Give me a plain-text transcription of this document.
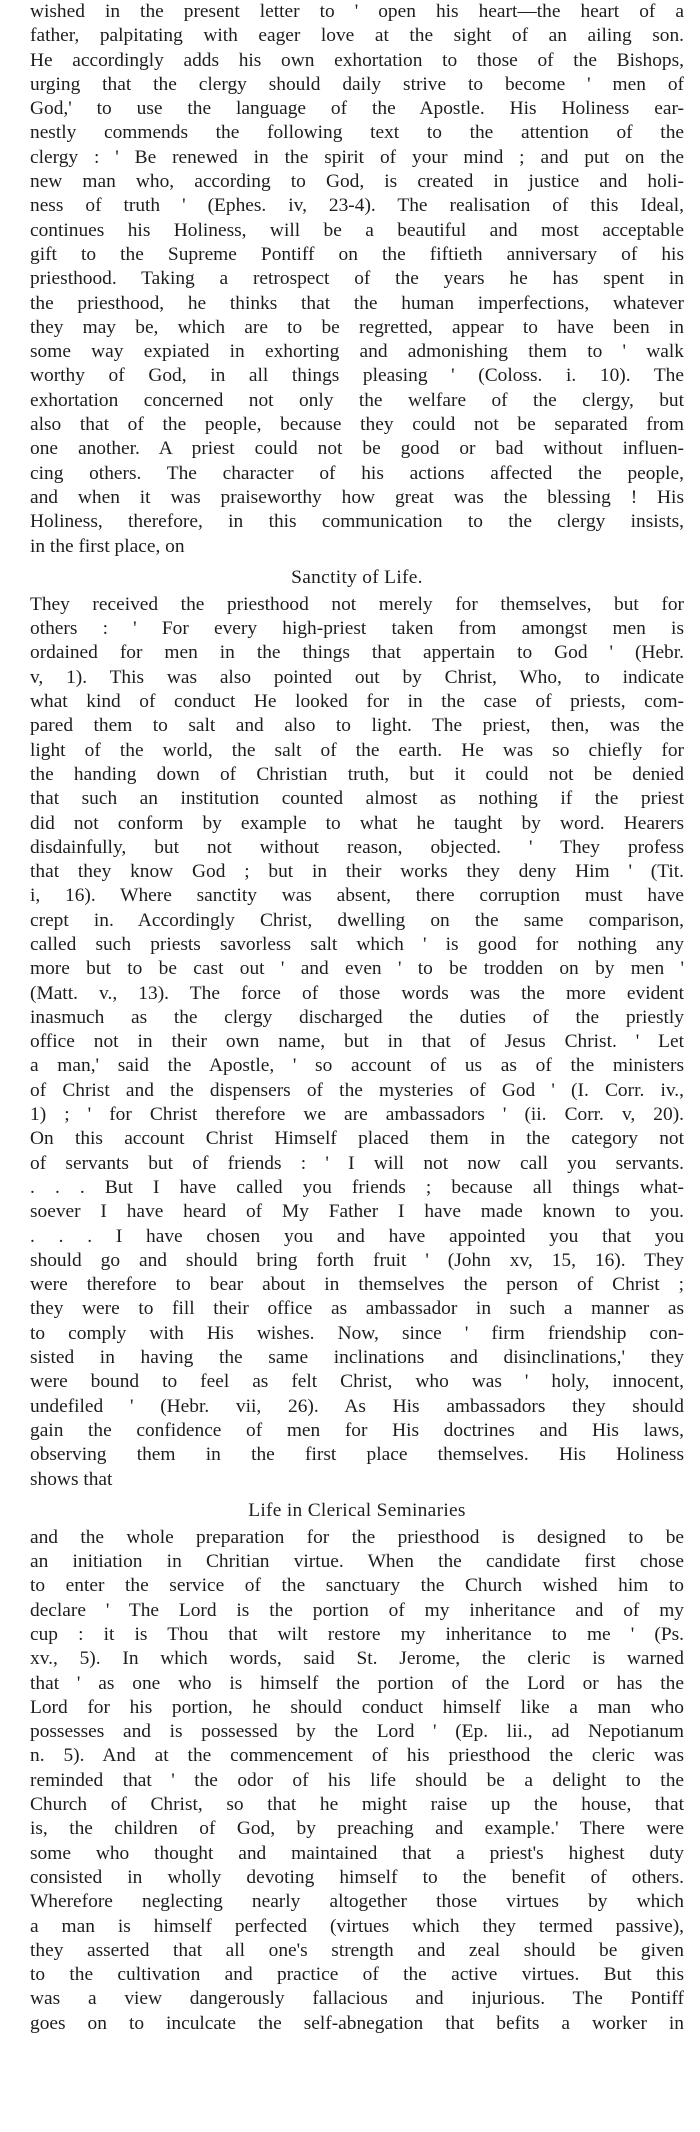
wished in the present letter to ' open his heart—the heart of a
father, palpitating with eager love at the sight of an ailing son.
He accordingly adds his own exhortation to those of the Bishops,
urging that the clergy should daily strive to become ' men of
God,' to use the language of the Apostle. His Holiness ear-
nestly commends the following text to the attention of the
clergy : ' Be renewed in the spirit of your mind ; and put on the
new man who, according to God, is created in justice and holi-
ness of truth ' (Ephes. iv, 23-4). The realisation of this Ideal,
continues his Holiness, will be a beautiful and most acceptable
gift to the Supreme Pontiff on the fiftieth anniversary of his
priesthood. Taking a retrospect of the years he has spent in
the priesthood, he thinks that the human imperfections, whatever
they may be, which are to be regretted, appear to have been in
some way expiated in exhorting and admonishing them to ' walk
worthy of God, in all things pleasing ' (Coloss. i. 10). The
exhortation concerned not only the welfare of the clergy, but
also that of the people, because they could not be separated from
one another. A priest could not be good or bad without influen-
cing others. The character of his actions affected the people,
and when it was praiseworthy how great was the blessing ! His
Holiness, therefore, in this communication to the clergy insists,
in the first place, on
Sanctity of Life.
They received the priesthood not merely for themselves, but for
others : ' For every high-priest taken from amongst men is
ordained for men in the things that appertain to God ' (Hebr.
v, 1). This was also pointed out by Christ, Who, to indicate
what kind of conduct He looked for in the case of priests, com-
pared them to salt and also to light. The priest, then, was the
light of the world, the salt of the earth. He was so chiefly for
the handing down of Christian truth, but it could not be denied
that such an institution counted almost as nothing if the priest
did not conform by example to what he taught by word. Hearers
disdainfully, but not without reason, objected. ' They profess
that they know God ; but in their works they deny Him ' (Tit.
i, 16). Where sanctity was absent, there corruption must have
crept in. Accordingly Christ, dwelling on the same comparison,
called such priests savorless salt which ' is good for nothing any
more but to be cast out ' and even ' to be trodden on by men '
(Matt. v., 13). The force of those words was the more evident
inasmuch as the clergy discharged the duties of the priestly
office not in their own name, but in that of Jesus Christ. ' Let
a man,' said the Apostle, ' so account of us as of the ministers
of Christ and the dispensers of the mysteries of God ' (I. Corr. iv.,
1) ; ' for Christ therefore we are ambassadors ' (ii. Corr. v, 20).
On this account Christ Himself placed them in the category not
of servants but of friends : ' I will not now call you servants.
. . . But I have called you friends ; because all things what-
soever I have heard of My Father I have made known to you.
. . . I have chosen you and have appointed you that you
should go and should bring forth fruit ' (John xv, 15, 16). They
were therefore to bear about in themselves the person of Christ ;
they were to fill their office as ambassador in such a manner as
to comply with His wishes. Now, since ' firm friendship con-
sisted in having the same inclinations and disinclinations,' they
were bound to feel as felt Christ, who was ' holy, innocent,
undefiled ' (Hebr. vii, 26). As His ambassadors they should
gain the confidence of men for His doctrines and His laws,
observing them in the first place themselves. His Holiness
shows that
Life in Clerical Seminaries
and the whole preparation for the priesthood is designed to be
an initiation in Chritian virtue. When the candidate first chose
to enter the service of the sanctuary the Church wished him to
declare ' The Lord is the portion of my inheritance and of my
cup : it is Thou that wilt restore my inheritance to me ' (Ps.
xv., 5). In which words, said St. Jerome, the cleric is warned
that ' as one who is himself the portion of the Lord or has the
Lord for his portion, he should conduct himself like a man who
possesses and is possessed by the Lord ' (Ep. lii., ad Nepotianum
n. 5). And at the commencement of his priesthood the cleric was
reminded that ' the odor of his life should be a delight to the
Church of Christ, so that he might raise up the house, that
is, the children of God, by preaching and example.' There were
some who thought and maintained that a priest's highest duty
consisted in wholly devoting himself to the benefit of others.
Wherefore neglecting nearly altogether those virtues by which
a man is himself perfected (virtues which they termed passive),
they asserted that all one's strength and zeal should be given
to the cultivation and practice of the active virtues. But this
was a view dangerously fallacious and injurious. The Pontiff
goes on to inculcate the self-abnegation that befits a worker in
